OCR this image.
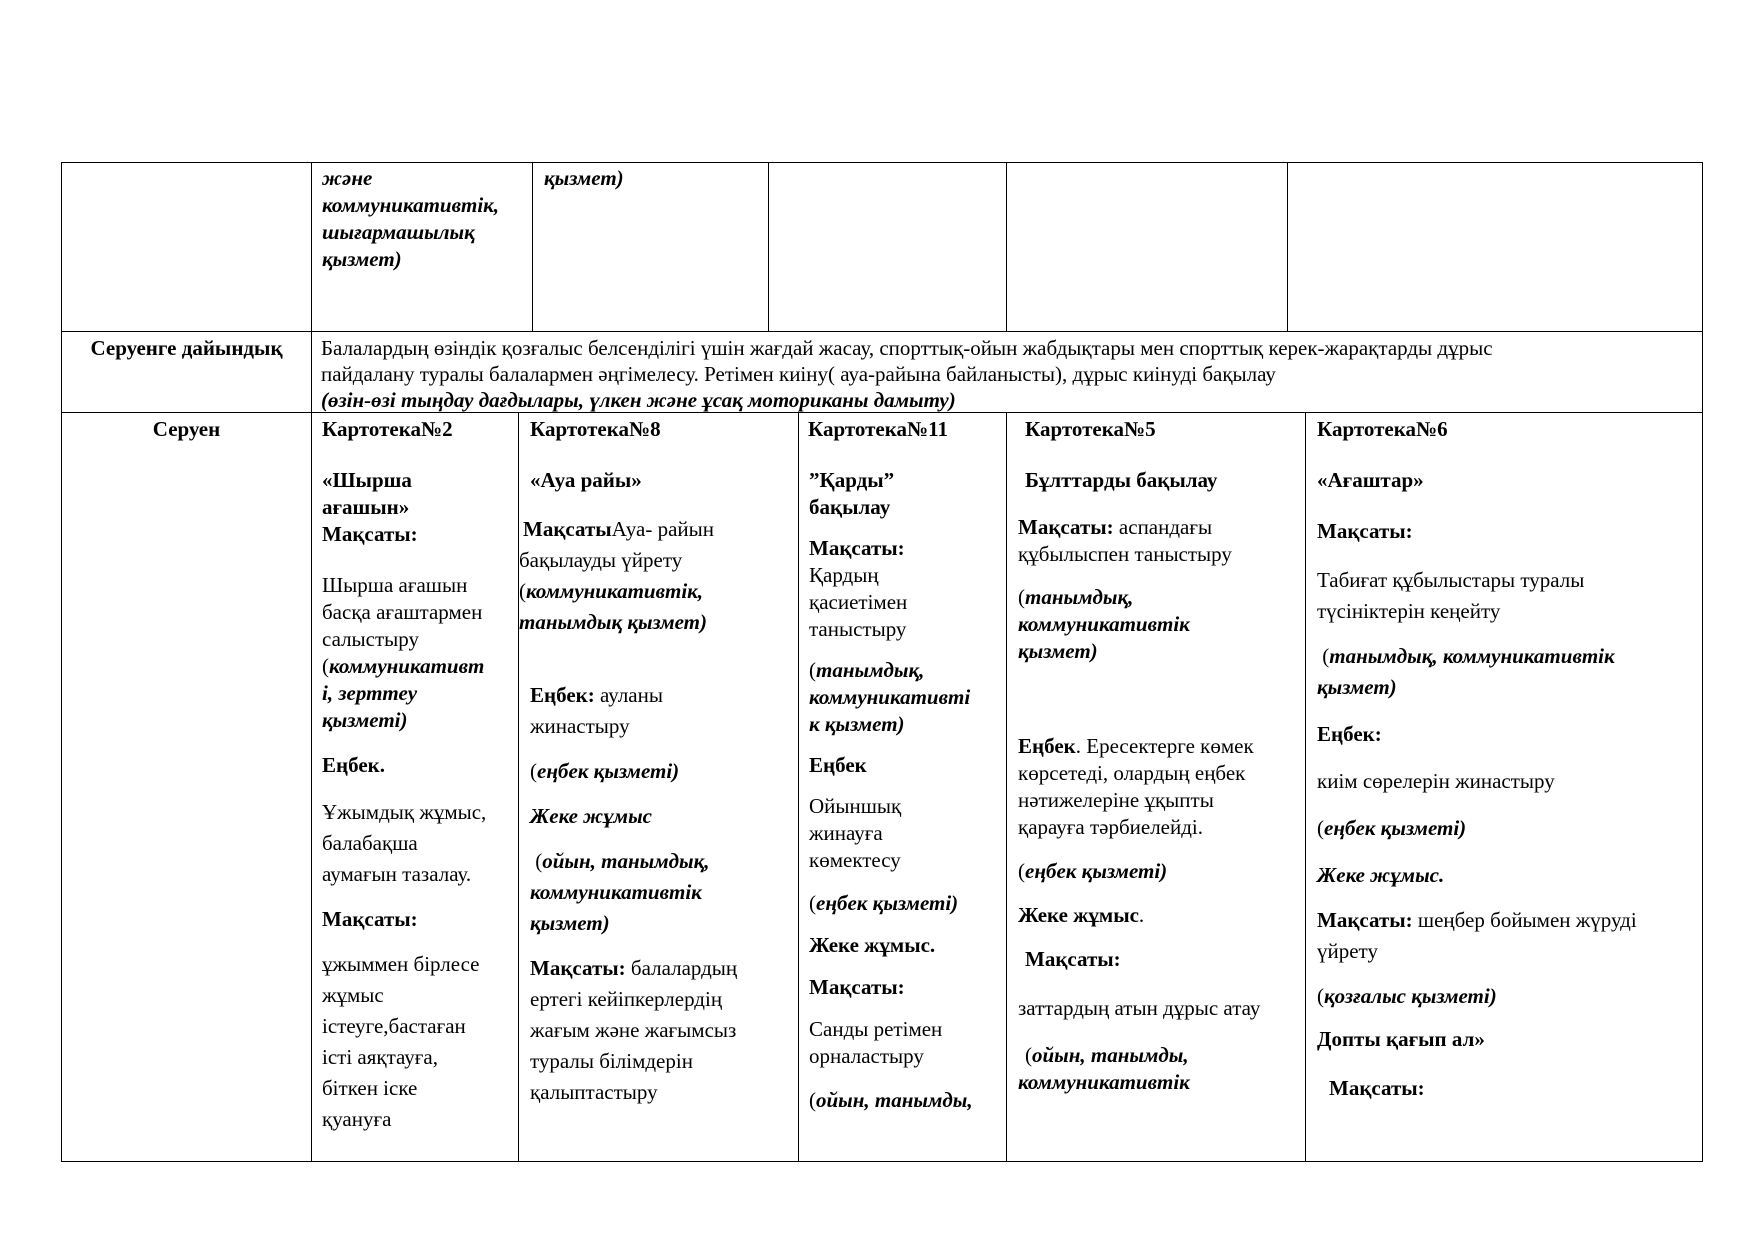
және

коммуникативтік,

шығармашылық

қызмет)

қызмет)

Серуенге дайындық	Балалардың өзіндік қозғалыс белсенділігі үшін жағдай жасау, спорттық-ойын жабдықтары мен спорттық керек-жарақтарды дұрыс

пайдалану туралы балалармен әңгімелесу. Ретімен киіну( ауа-райына байланысты), дұрыс киінуді бақылау

(өзін-өзі тыңдау дағдылары, үлкен және ұсақ моториканы дамыту)

Серуен	Картотека№2

«Шырша

ағашын»

Мақсаты:

Шырша ағашын

басқа ағаштармен

салыстыру

(коммуникативт

і, зерттеу

қызметі)

Еңбек.

Ұжымдық жұмыс,

балабақша

аумағын тазалау.

Мақсаты:

ұжыммен бірлесе

жұмыс

істеуге,бастаған

істі аяқтауға,

біткен іске

қуануға

Картотека№8

«Ауа райы»

МақсатыАуа- райын

бақылауды үйрету

(коммуникативтік,

танымдық қызмет)

Еңбек: ауланы

жинастыру

(еңбек қызметі)

Жеке жұмыс

(ойын, танымдық,

коммуникативтік

қызмет)

Мақсаты: балалардың

ертегі кейіпкерлердің

жағым және жағымсыз

туралы білімдерін

қалыптастыру

Картотека№11

”Қарды”

бақылау

Мақсаты:

Қардың

қасиетімен

таныстыру

(танымдық,

коммуникативті

к қызмет)

Еңбек

Ойыншық

жинауға

көмектесу

(еңбек қызметі)

Жеке жұмыс.

Мақсаты:

Санды ретімен

орналастыру

(ойын, танымды,

Картотека№5

Бұлттарды бақылау

Мақсаты: аспандағы

құбылыспен таныстыру

(танымдық,

коммуникативтік

қызмет)

Еңбек. Ересектерге көмек

көрсетеді, олардың еңбек

нәтижелеріне ұқыпты

қарауға тәрбиелейді.

(еңбек қызметі)

Жеке жұмыс.

Мақсаты:

заттардың атын дұрыс атау

(ойын, танымды,

коммуникативтік

Картотека№6

«Ағаштар»

Мақсаты:

Табиғат құбылыстары туралы

түсініктерін кеңейту

(танымдық, коммуникативтік

қызмет)

Еңбек:

киім сөрелерін жинастыру

(еңбек қызметі)

Жеке жұмыс.

Мақсаты: шеңбер бойымен жүруді

үйрету

(қозғалыс қызметі)

Допты қағып ал»

Мақсаты:
